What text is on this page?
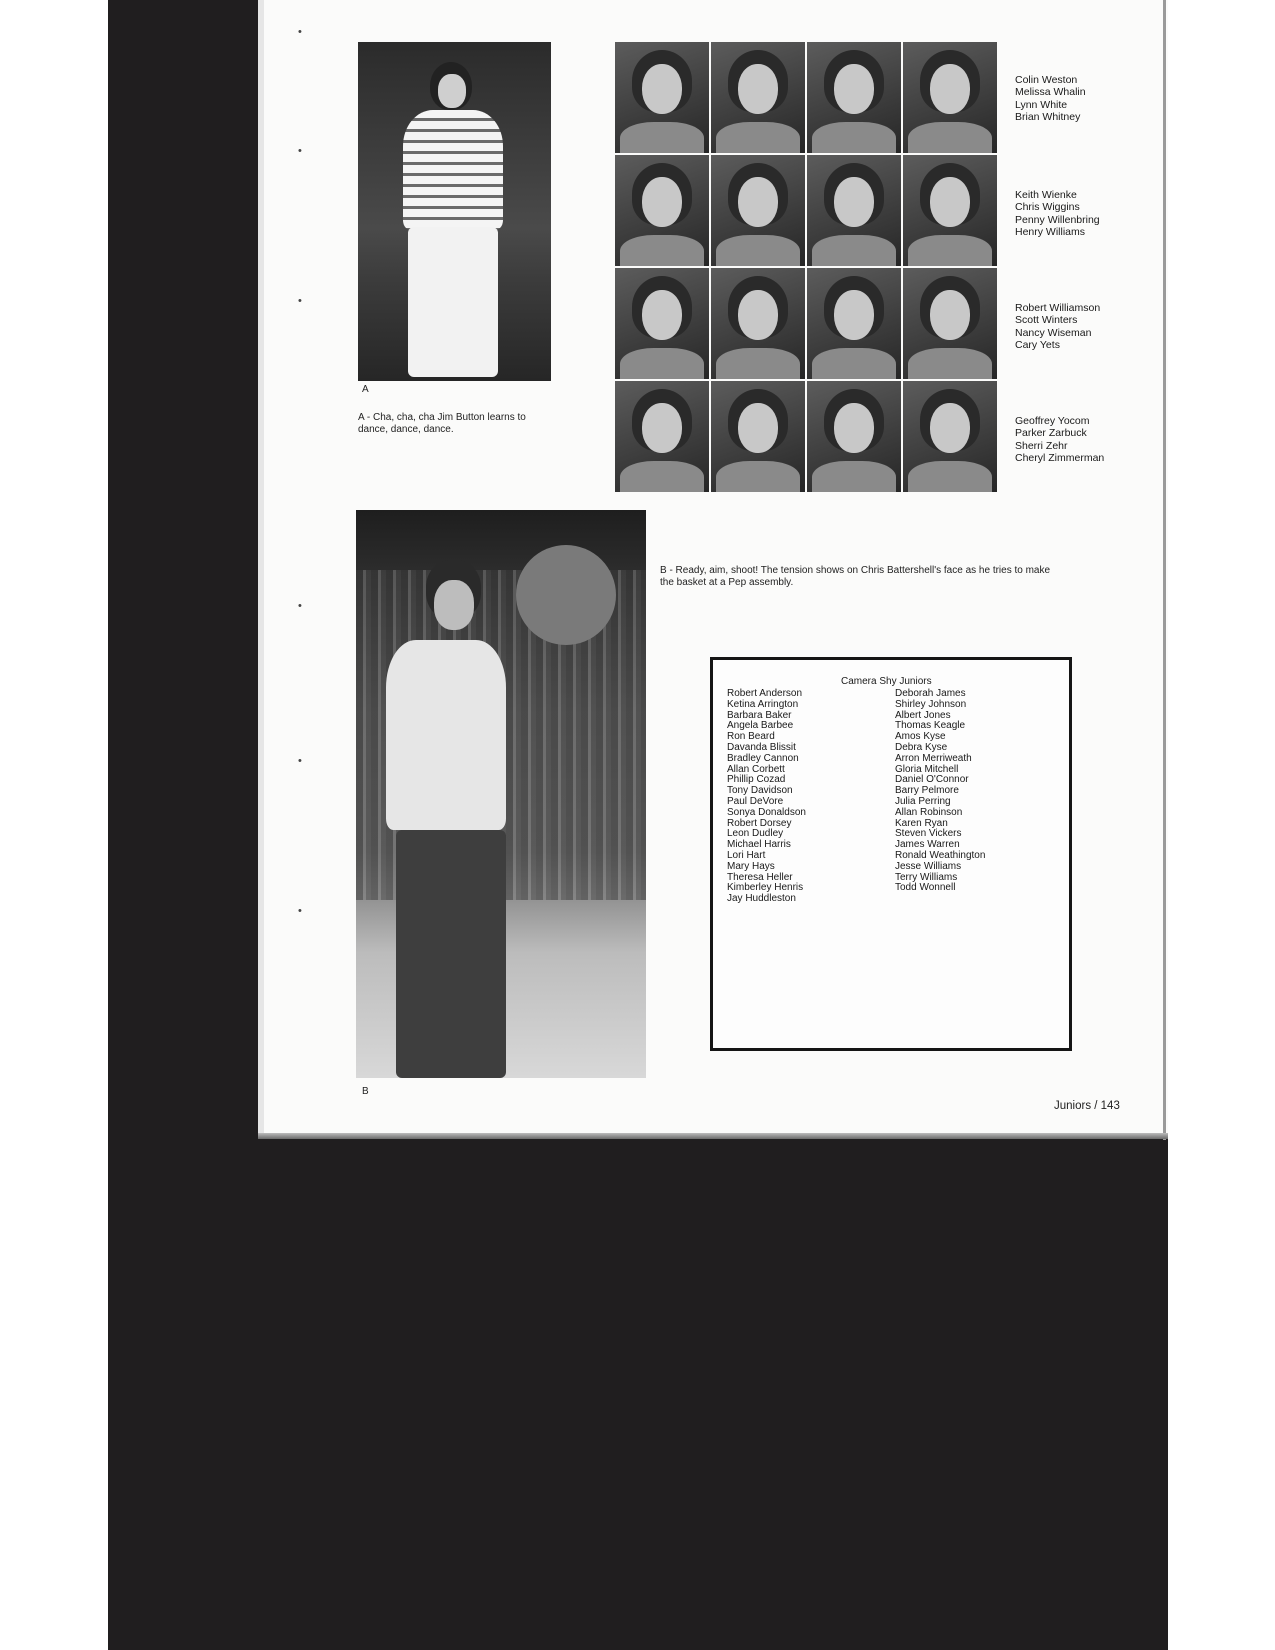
•
•
•
•
•
•
A
A - Cha, cha, cha Jim Button learns to dance, dance, dance.
Colin Weston
Melissa Whalin
Lynn White
Brian Whitney
Keith Wienke
Chris Wiggins
Penny Willenbring
Henry Williams
Robert Williamson
Scott Winters
Nancy Wiseman
Cary Yets
Geoffrey Yocom
Parker Zarbuck
Sherri Zehr
Cheryl Zimmerman
B
B - Ready, aim, shoot! The tension shows on Chris Battershell's face as he tries to make the basket at a Pep assembly.
Camera Shy Juniors
Robert Anderson
Ketina Arrington
Barbara Baker
Angela Barbee
Ron Beard
Davanda Blissit
Bradley Cannon
Allan Corbett
Phillip Cozad
Tony Davidson
Paul DeVore
Sonya Donaldson
Robert Dorsey
Leon Dudley
Michael Harris
Lori Hart
Mary Hays
Theresa Heller
Kimberley Henris
Jay Huddleston
Deborah James
Shirley Johnson
Albert Jones
Thomas Keagle
Amos Kyse
Debra Kyse
Arron Merriweath
Gloria Mitchell
Daniel O'Connor
Barry Pelmore
Julia Perring
Allan Robinson
Karen Ryan
Steven Vickers
James Warren
Ronald Weathington
Jesse Williams
Terry Williams
Todd Wonnell
Juniors / 143
